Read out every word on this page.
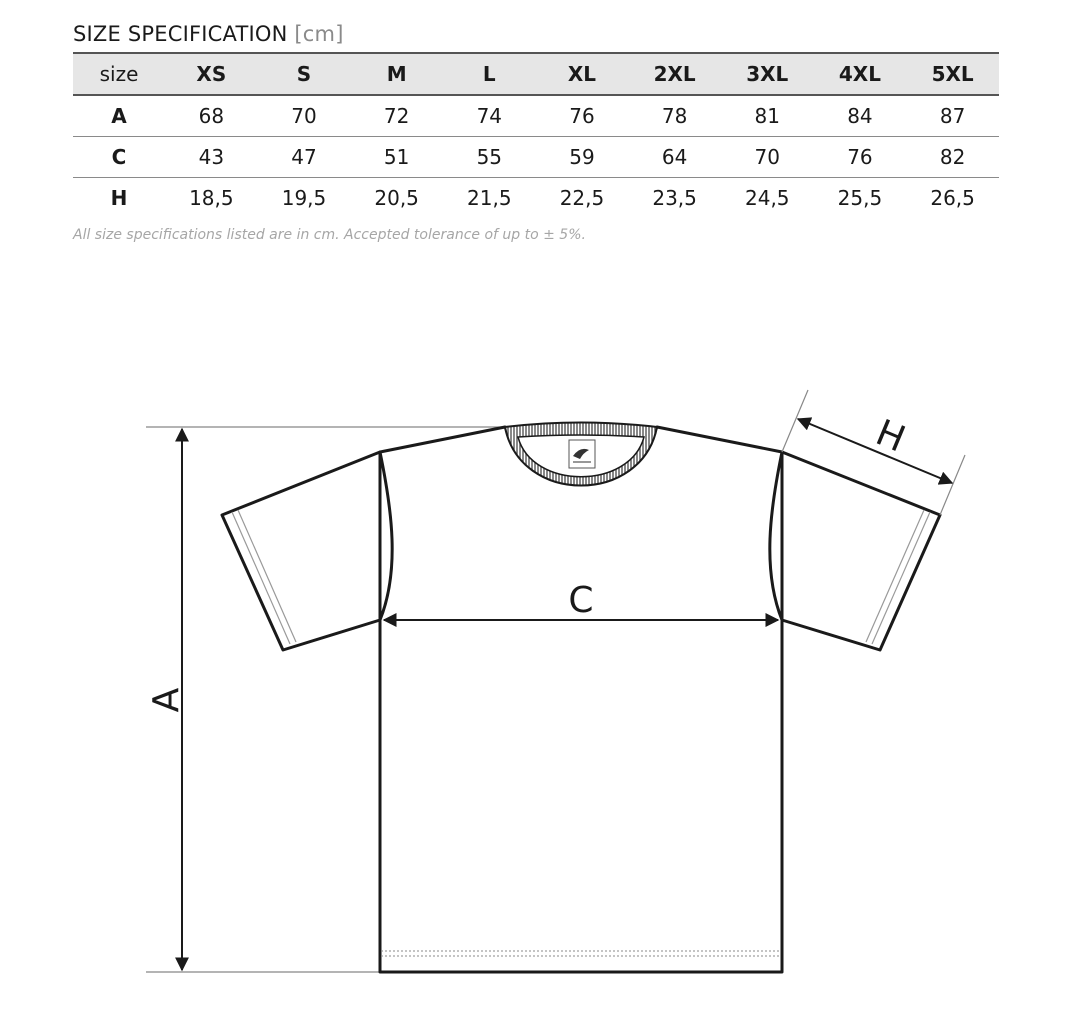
SIZE SPECIFICATION [cm]
size	XS	S	M	L	XL	2XL	3XL	4XL	5XL
A	68	70	72	74	76	78	81	84	87
C	43	47	51	55	59	64	70	76	82
H	18,5	19,5	20,5	21,5	22,5	23,5	24,5	25,5	26,5
All size specifications listed are in cm. Accepted tolerance of up to ± 5%.
A
C
H
